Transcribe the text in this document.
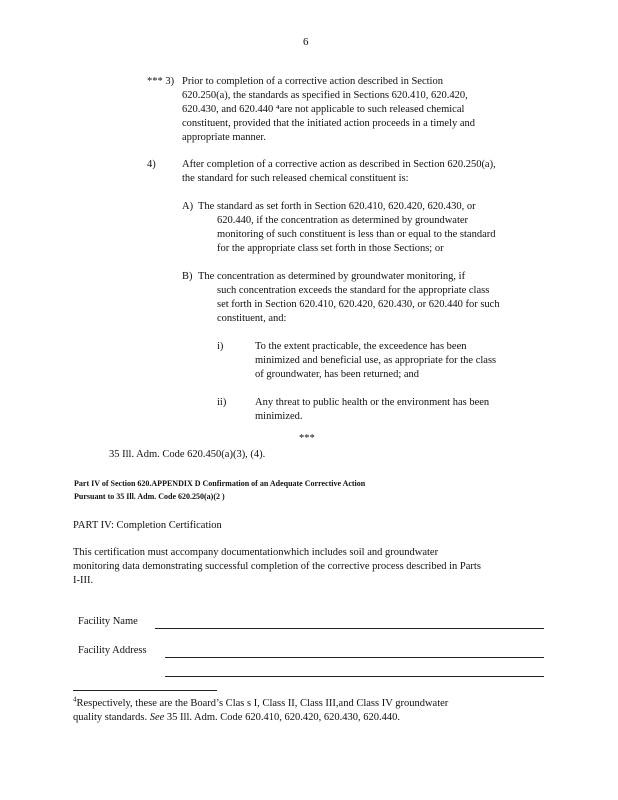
6
*** 3) Prior to completion of a corrective action described in Section
620.250(a), the standards as specified in Sections 620.410, 620.420,
620.430, and 620.440 ⁴are not applicable to such released chemical
constituent, provided that the initiated action proceeds in a timely and
appropriate manner.
4)	After completion of a corrective action as described in Section 620.250(a),
the standard for such released chemical constituent is:
A) The standard as set forth in Section 620.410, 620.420, 620.430, or
620.440, if the concentration as determined by groundwater
monitoring of such constituent is less than or equal to the standard
for the appropriate class set forth in those Sections; or
B) The concentration as determined by groundwater monitoring, if
such concentration exceeds the standard for the appropriate class
set forth in Section 620.410, 620.420, 620.430, or 620.440 for such
constituent, and:
i)	To the extent practicable, the exceedence has been
minimized and beneficial use, as appropriate for the class
of groundwater, has been returned; and
ii)	Any threat to public health or the environment has been
minimized.
***
35 Ill. Adm. Code 620.450(a)(3), (4).
Part IV of Section 620.APPENDIX D Confirmation of an Adequate Corrective Action
Pursuant to 35 Ill. Adm. Code 620.250(a)(2 )
PART IV: Completion Certification
This certification must accompany documentationwhich includes soil and groundwater
monitoring data demonstrating successful completion of the corrective process described in Parts
I-III.
Facility Name
Facility Address
$^4$Respectively, these are the Board’s Clas s I, Class II, Class III,and Class IV groundwater
quality standards. See 35 Ill. Adm. Code 620.410, 620.420, 620.430, 620.440.
